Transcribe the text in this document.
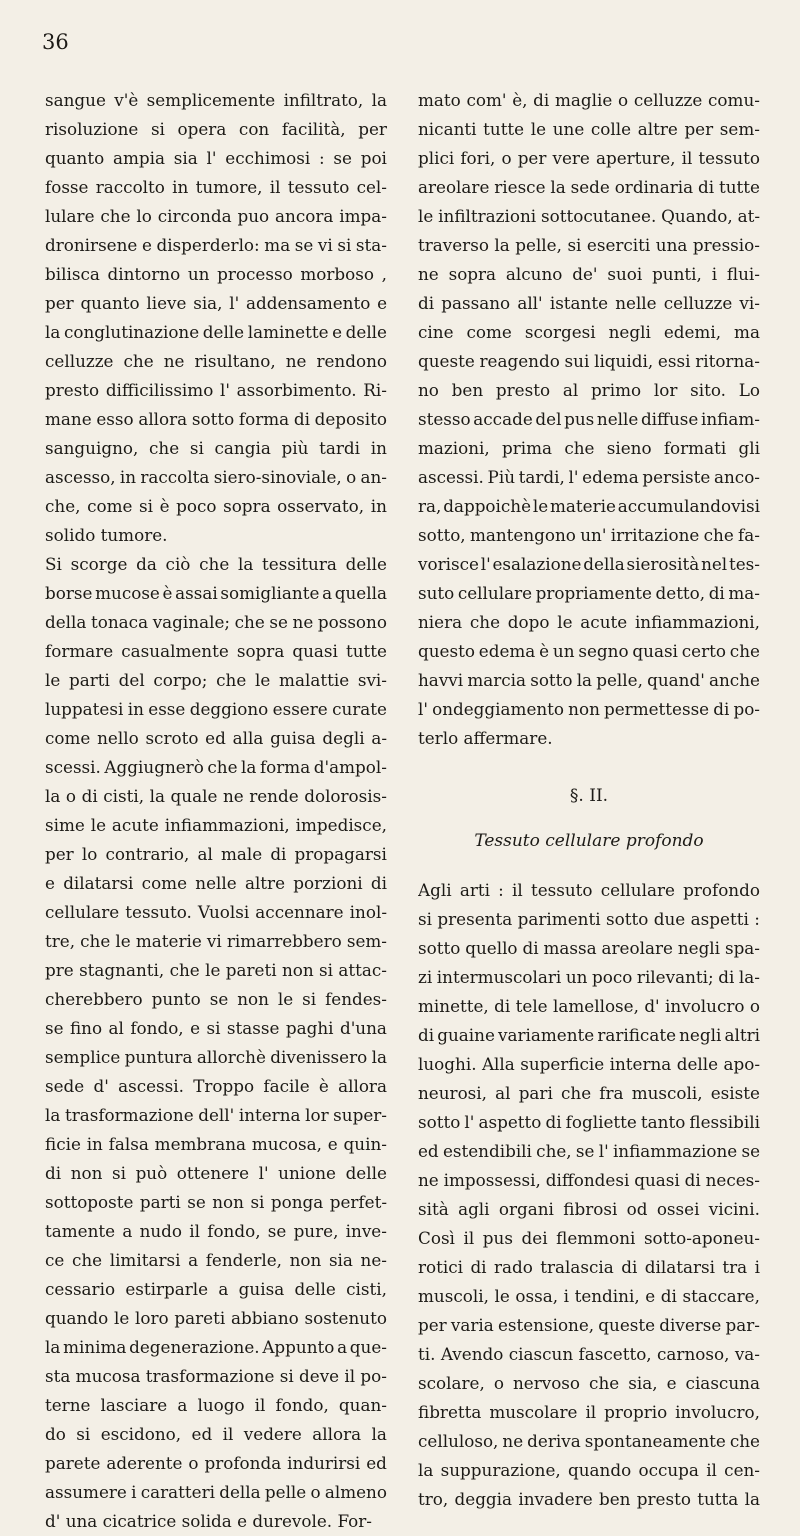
36
sangue v'è semplicemente infiltrato, la
risoluzione si opera con facilità, per
quanto ampia sia l' ecchimosi : se poi
fosse raccolto in tumore, il tessuto cel-
lulare che lo circonda puo ancora impa-
dronirsene e disperderlo: ma se vi si sta-
bilisca dintorno un processo morboso ,
per quanto lieve sia, l' addensamento e
la conglutinazione delle laminette e delle
celluzze che ne risultano, ne rendono
presto difficilissimo l' assorbimento. Ri-
mane esso allora sotto forma di deposito
sanguigno, che si cangia più tardi in
ascesso, in raccolta siero-sinoviale, o an-
che, come si è poco sopra osservato, in
solido tumore.
Si scorge da ciò che la tessitura delle
borse mucose è assai somigliante a quella
della tonaca vaginale; che se ne possono
formare casualmente sopra quasi tutte
le parti del corpo; che le malattie svi-
luppatesi in esse deggiono essere curate
come nello scroto ed alla guisa degli a-
scessi. Aggiugnerò che la forma d'ampol-
la o di cisti, la quale ne rende dolorosis-
sime le acute infiammazioni, impedisce,
per lo contrario, al male di propagarsi
e dilatarsi come nelle altre porzioni di
cellulare tessuto. Vuolsi accennare inol-
tre, che le materie vi rimarrebbero sem-
pre stagnanti, che le pareti non si attac-
cherebbero punto se non le si fendes-
se fino al fondo, e si stasse paghi d'una
semplice puntura allorchè divenissero la
sede d' ascessi. Troppo facile è allora
la trasformazione dell' interna lor super-
ficie in falsa membrana mucosa, e quin-
di non si può ottenere l' unione delle
sottoposte parti se non si ponga perfet-
tamente a nudo il fondo, se pure, inve-
ce che limitarsi a fenderle, non sia ne-
cessario estirparle a guisa delle cisti,
quando le loro pareti abbiano sostenuto
la minima degenerazione. Appunto a que-
sta mucosa trasformazione si deve il po-
terne lasciare a luogo il fondo, quan-
do si escidono, ed il vedere allora la
parete aderente o profonda indurirsi ed
assumere i caratteri della pelle o almeno
d' una cicatrice solida e durevole. For-
mato com' è, di maglie o celluzze comu-
nicanti tutte le une colle altre per sem-
plici fori, o per vere aperture, il tessuto
areolare riesce la sede ordinaria di tutte
le infiltrazioni sottocutanee. Quando, at-
traverso la pelle, si eserciti una pressio-
ne sopra alcuno de' suoi punti, i flui-
di passano all' istante nelle celluzze vi-
cine come scorgesi negli edemi, ma
queste reagendo sui liquidi, essi ritorna-
no ben presto al primo lor sito. Lo
stesso accade del pus nelle diffuse infiam-
mazioni, prima che sieno formati gli
ascessi. Più tardi, l' edema persiste anco-
ra, dappoichè le materie accumulandovisi
sotto, mantengono un' irritazione che fa-
vorisce l' esalazione della sierosità nel tes-
suto cellulare propriamente detto, di ma-
niera che dopo le acute infiammazioni,
questo edema è un segno quasi certo che
havvi marcia sotto la pelle, quand' anche
l' ondeggiamento non permettesse di po-
terlo affermare.
§. II.
Tessuto cellulare profondo
Agli arti : il tessuto cellulare profondo
si presenta parimenti sotto due aspetti :
sotto quello di massa areolare negli spa-
zi intermuscolari un poco rilevanti; di la-
minette, di tele lamellose, d' involucro o
di guaine variamente rarificate negli altri
luoghi. Alla superficie interna delle apo-
neurosi, al pari che fra muscoli, esiste
sotto l' aspetto di fogliette tanto flessibili
ed estendibili che, se l' infiammazione se
ne impossessi, diffondesi quasi di neces-
sità agli organi fibrosi od ossei vicini.
Così il pus dei flemmoni sotto-aponeu-
rotici di rado tralascia di dilatarsi tra i
muscoli, le ossa, i tendini, e di staccare,
per varia estensione, queste diverse par-
ti. Avendo ciascun fascetto, carnoso, va-
scolare, o nervoso che sia, e ciascuna
fibretta muscolare il proprio involucro,
celluloso, ne deriva spontaneamente che
la suppurazione, quando occupa il cen-
tro, deggia invadere ben presto tutta la
